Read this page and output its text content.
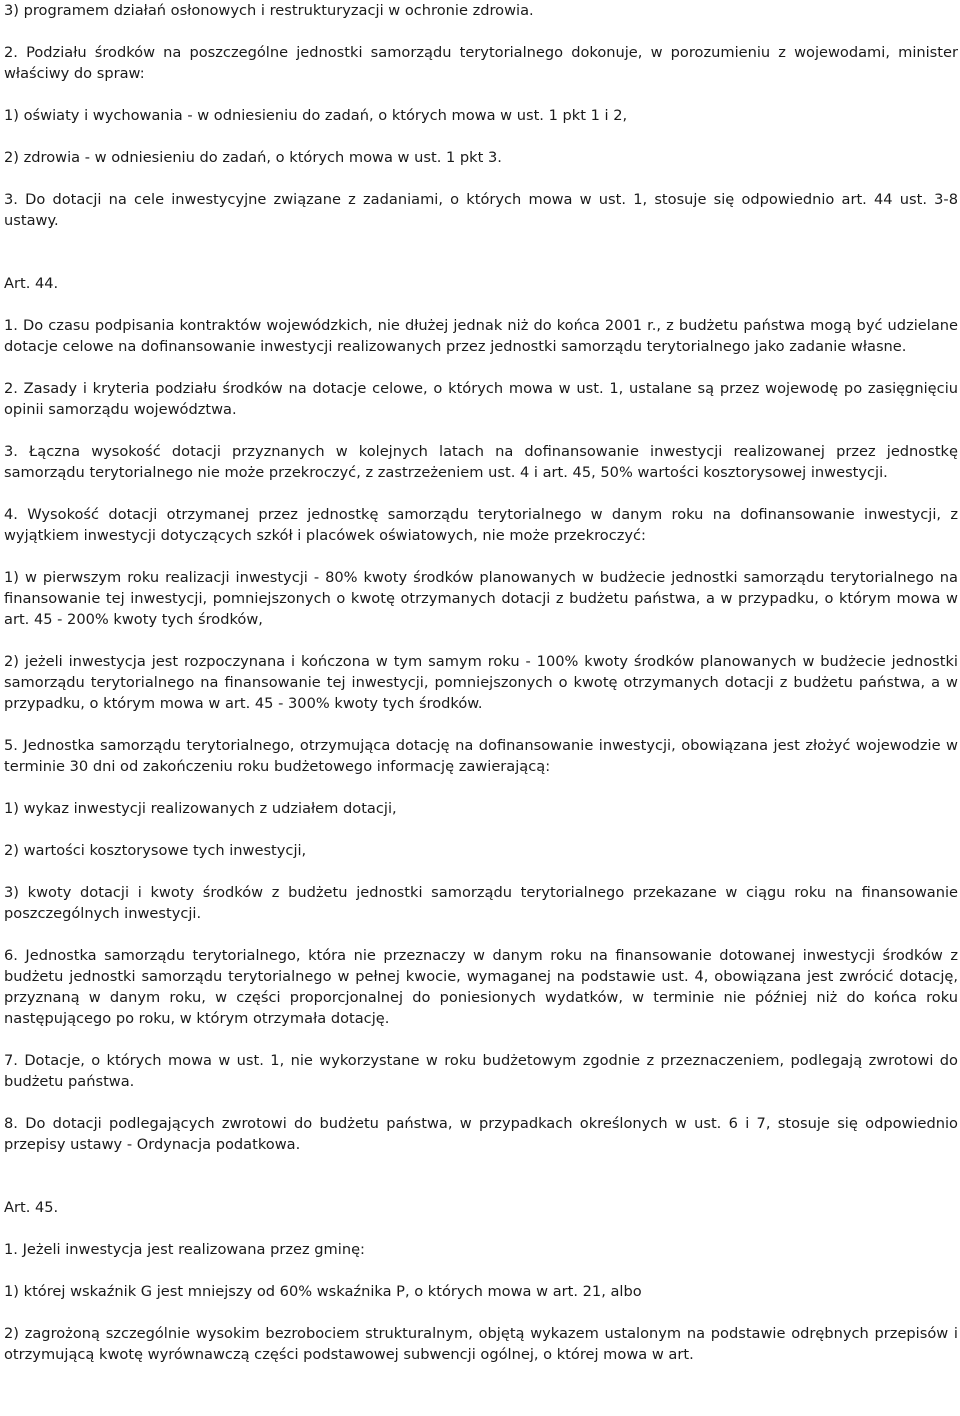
3) programem działań osłonowych i restrukturyzacji w ochronie zdrowia.

2. Podziału środków na poszczególne jednostki samorządu terytorialnego dokonuje, w porozumieniu z wojewodami, minister właściwy do spraw:

1) oświaty i wychowania - w odniesieniu do zadań, o których mowa w ust. 1 pkt 1 i 2,

2) zdrowia - w odniesieniu do zadań, o których mowa w ust. 1 pkt 3.

3. Do dotacji na cele inwestycyjne związane z zadaniami, o których mowa w ust. 1, stosuje się odpowiednio art. 44 ust. 3-8 ustawy.

Art. 44.

1. Do czasu podpisania kontraktów wojewódzkich, nie dłużej jednak niż do końca 2001 r., z budżetu państwa mogą być udzielane dotacje celowe na dofinansowanie inwestycji realizowanych przez jednostki samorządu terytorialnego jako zadanie własne.

2. Zasady i kryteria podziału środków na dotacje celowe, o których mowa w ust. 1, ustalane są przez wojewodę po zasięgnięciu opinii samorządu województwa.

3. Łączna wysokość dotacji przyznanych w kolejnych latach na dofinansowanie inwestycji realizowanej przez jednostkę samorządu terytorialnego nie może przekroczyć, z zastrzeżeniem ust. 4 i art. 45, 50% wartości kosztorysowej inwestycji.

4. Wysokość dotacji otrzymanej przez jednostkę samorządu terytorialnego w danym roku na dofinansowanie inwestycji, z wyjątkiem inwestycji dotyczących szkół i placówek oświatowych, nie może przekroczyć:

1) w pierwszym roku realizacji inwestycji - 80% kwoty środków planowanych w budżecie jednostki samorządu terytorialnego na finansowanie tej inwestycji, pomniejszonych o kwotę otrzymanych dotacji z budżetu państwa, a w przypadku, o którym mowa w art. 45 - 200% kwoty tych środków,

2) jeżeli inwestycja jest rozpoczynana i kończona w tym samym roku - 100% kwoty środków planowanych w budżecie jednostki samorządu terytorialnego na finansowanie tej inwestycji, pomniejszonych o kwotę otrzymanych dotacji z budżetu państwa, a w przypadku, o którym mowa w art. 45 - 300% kwoty tych środków.

5. Jednostka samorządu terytorialnego, otrzymująca dotację na dofinansowanie inwestycji, obowiązana jest złożyć wojewodzie w terminie 30 dni od zakończeniu roku budżetowego informację zawierającą:

1) wykaz inwestycji realizowanych z udziałem dotacji,

2) wartości kosztorysowe tych inwestycji,

3) kwoty dotacji i kwoty środków z budżetu jednostki samorządu terytorialnego przekazane w ciągu roku na finansowanie poszczególnych inwestycji.

6. Jednostka samorządu terytorialnego, która nie przeznaczy w danym roku na finansowanie dotowanej inwestycji środków z budżetu jednostki samorządu terytorialnego w pełnej kwocie, wymaganej na podstawie ust. 4, obowiązana jest zwrócić dotację, przyznaną w danym roku, w części proporcjonalnej do poniesionych wydatków, w terminie nie później niż do końca roku następującego po roku, w którym otrzymała dotację.

7. Dotacje, o których mowa w ust. 1, nie wykorzystane w roku budżetowym zgodnie z przeznaczeniem, podlegają zwrotowi do budżetu państwa.

8. Do dotacji podlegających zwrotowi do budżetu państwa, w przypadkach określonych w ust. 6 i 7, stosuje się odpowiednio przepisy ustawy - Ordynacja podatkowa.

Art. 45.

1. Jeżeli inwestycja jest realizowana przez gminę:

1) której wskaźnik G jest mniejszy od 60% wskaźnika P, o których mowa w art. 21, albo

2) zagrożoną szczególnie wysokim bezrobociem strukturalnym, objętą wykazem ustalonym na podstawie odrębnych przepisów i otrzymującą kwotę wyrównawczą części podstawowej subwencji ogólnej, o której mowa w art.
